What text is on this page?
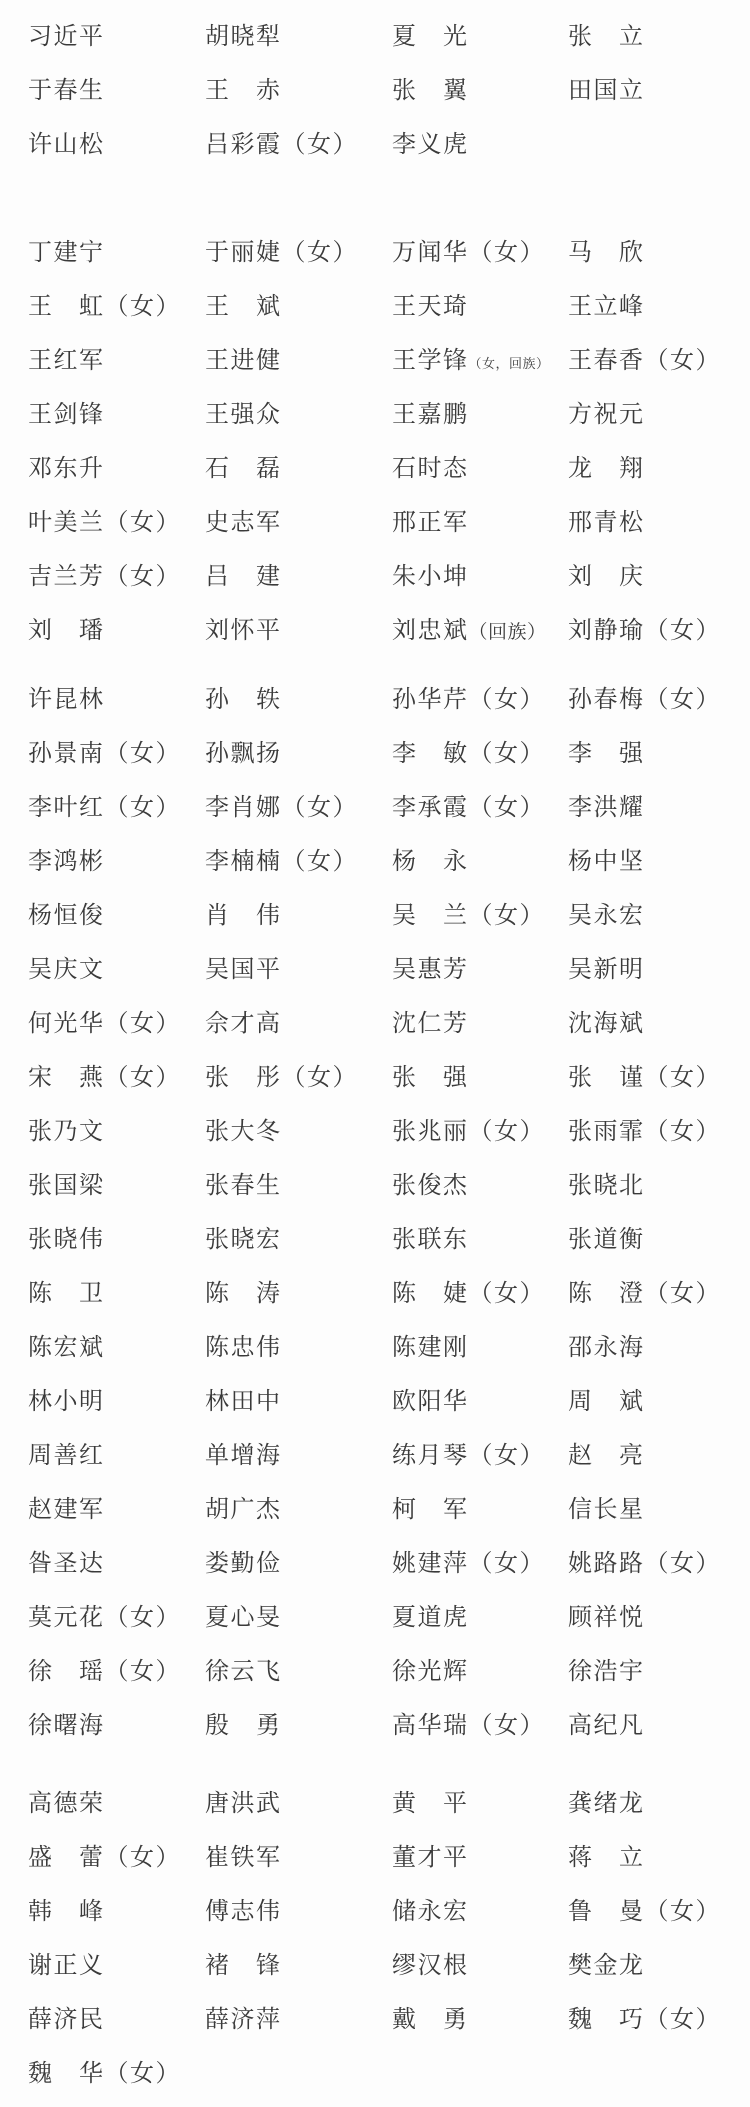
习近平	胡晓犁	夏　光	张　立
于春生	王　赤	张　翼	田国立
许山松	吕彩霞（女） 李义虎
丁建宁	于丽婕（女） 万闻华（女） 马　欣
王　虹（女） 王　斌	王天琦	王立峰
王红军	王进健	王学锋（女，回族） 王春香（女）
王剑锋	王强众	王嘉鹏	方祝元
邓东升	石　磊	石时态	龙　翔
叶美兰（女） 史志军	邢正军	邢青松
吉兰芳（女） 吕　建	朱小坤	刘　庆
刘　璠	刘怀平	刘忠斌（回族） 刘静瑜（女）
许昆林	孙　轶	孙华芹（女） 孙春梅（女）
孙景南（女） 孙飘扬	李　敏（女） 李　强
李叶红（女） 李肖娜（女） 李承霞（女） 李洪耀
李鸿彬	李楠楠（女） 杨　永	杨中坚
杨恒俊	肖　伟	吴　兰（女） 吴永宏
吴庆文	吴国平	吴惠芳	吴新明
何光华（女） 佘才高	沈仁芳	沈海斌
宋　燕（女） 张　彤（女） 张　强	张　谨（女）
张乃文	张大冬	张兆丽（女） 张雨霏（女）
张国梁	张春生	张俊杰	张晓北
张晓伟	张晓宏	张联东	张道衡
陈　卫	陈　涛	陈　婕（女） 陈　澄（女）
陈宏斌	陈忠伟	陈建刚	邵永海
林小明	林田中	欧阳华	周　斌
周善红	单增海	练月琴（女） 赵　亮
赵建军	胡广杰	柯　军	信长星
昝圣达	娄勤俭	姚建萍（女） 姚路路（女）
莫元花（女） 夏心旻	夏道虎	顾祥悦
徐　瑶（女） 徐云飞	徐光辉	徐浩宇
徐曙海	殷　勇	高华瑞（女） 高纪凡
高德荣	唐洪武	黄　平	龚绪龙
盛　蕾（女） 崔铁军	董才平	蒋　立
韩　峰	傅志伟	储永宏	鲁　曼（女）
谢正义	褚　锋	缪汉根	樊金龙
薛济民	薛济萍	戴　勇	魏　巧（女）
魏　华（女）
